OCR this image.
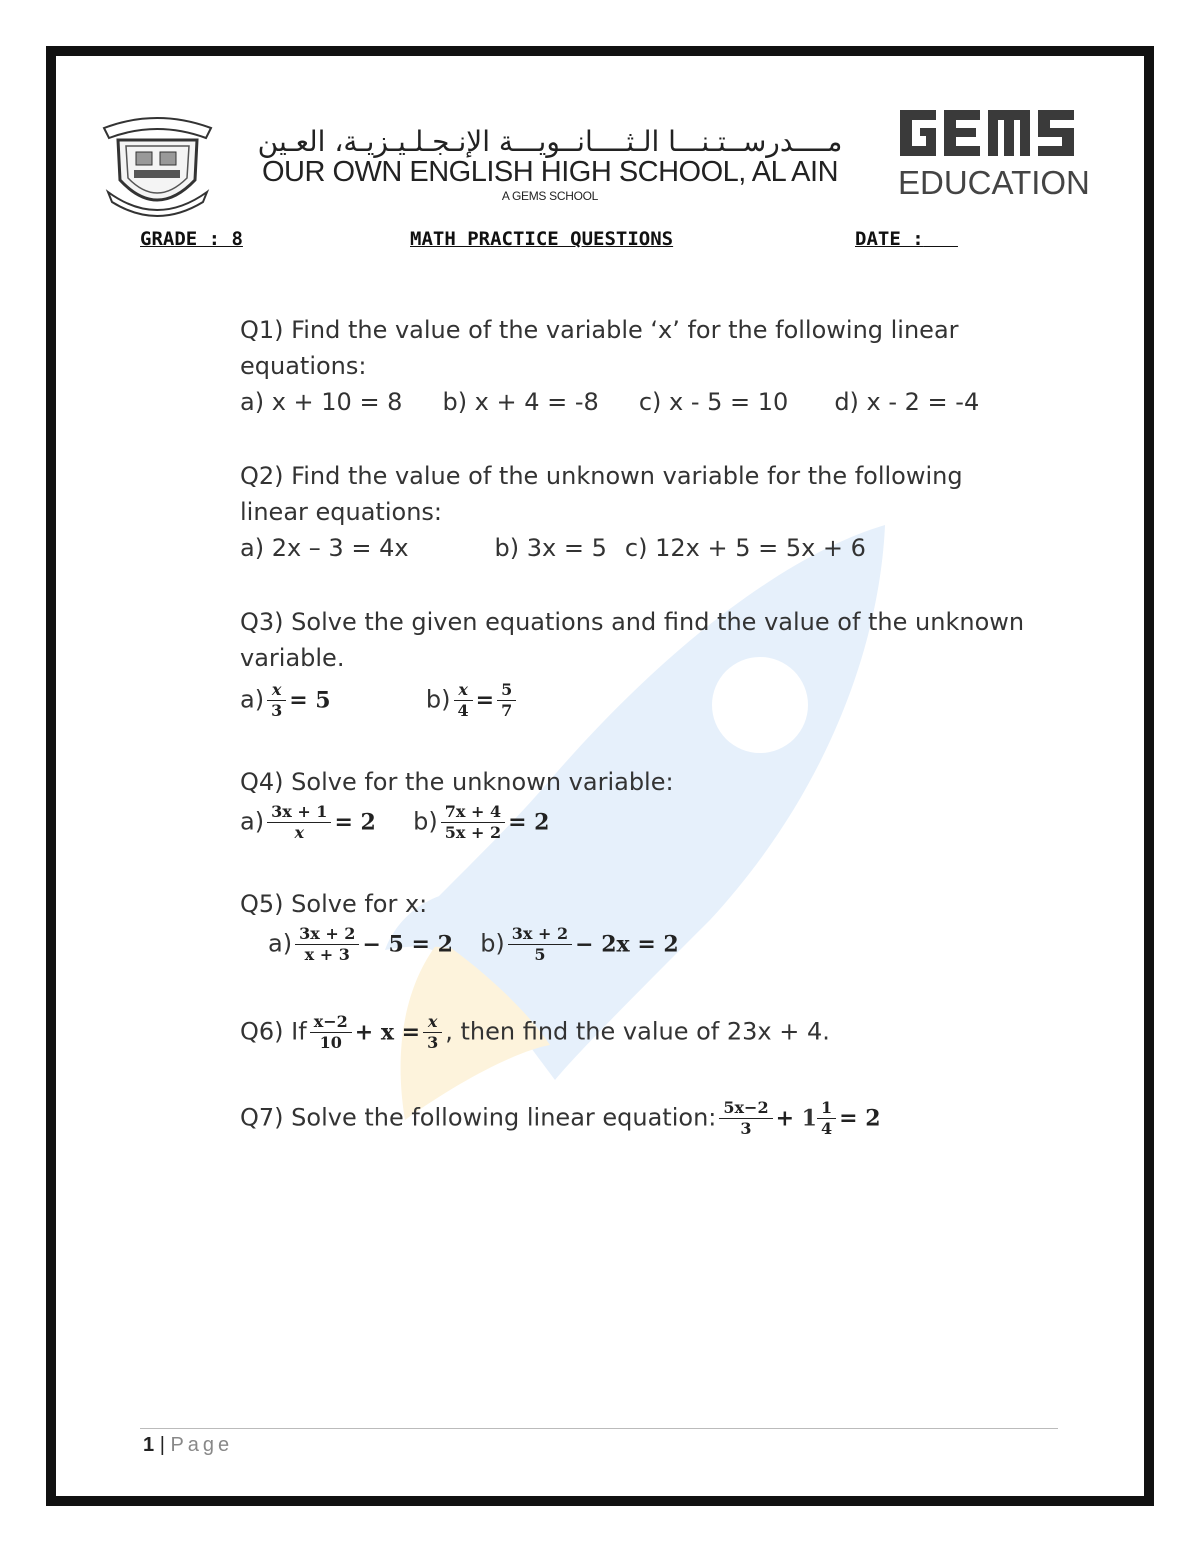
مــــدرســتـنـــا الـثــــانــويـــة الإنـجـلـيـزيـة، العـين
OUR OWN ENGLISH HIGH SCHOOL, AL AIN
A GEMS SCHOOL	EDUCATION
GRADE : 8	MATH PRACTICE QUESTIONS	DATE :
Q1) Find the value of the variable ‘x’ for the following linear
equations:
a) x + 10 = 8 b) x + 4 = -8 c) x - 5 = 10 d) x - 2 = -4
Q2) Find the value of the unknown variable for the following
linear equations:
a) 2x – 3 = 4x	b) 3x = 5 c) 12x + 5 = 5x + 6
Q3) Solve the given equations and find the value of the unknown
variable.
$a) \frac{x}{3} = 5$	$b) \frac{x}{4} = \frac{5}{7}$
Q4) Solve for the unknown variable:
$a) \frac{3x + 1}{x} = 2$ $b) \frac{7x + 4}{5x + 2} = 2$
Q5) Solve for x:
$a) \frac{3x + 2}{x + 3} - 5 = 2$ $b) \frac{3x + 2}{5} - 2x = 2$
Q6) If $\frac{x-2}{10} + x = \frac{x}{3}$ , then find the value of 23x + 4.
Q7) Solve the following linear equation: $\frac{5x-2}{3} + 1 \frac{1}{4} = 2$
1 | Page
